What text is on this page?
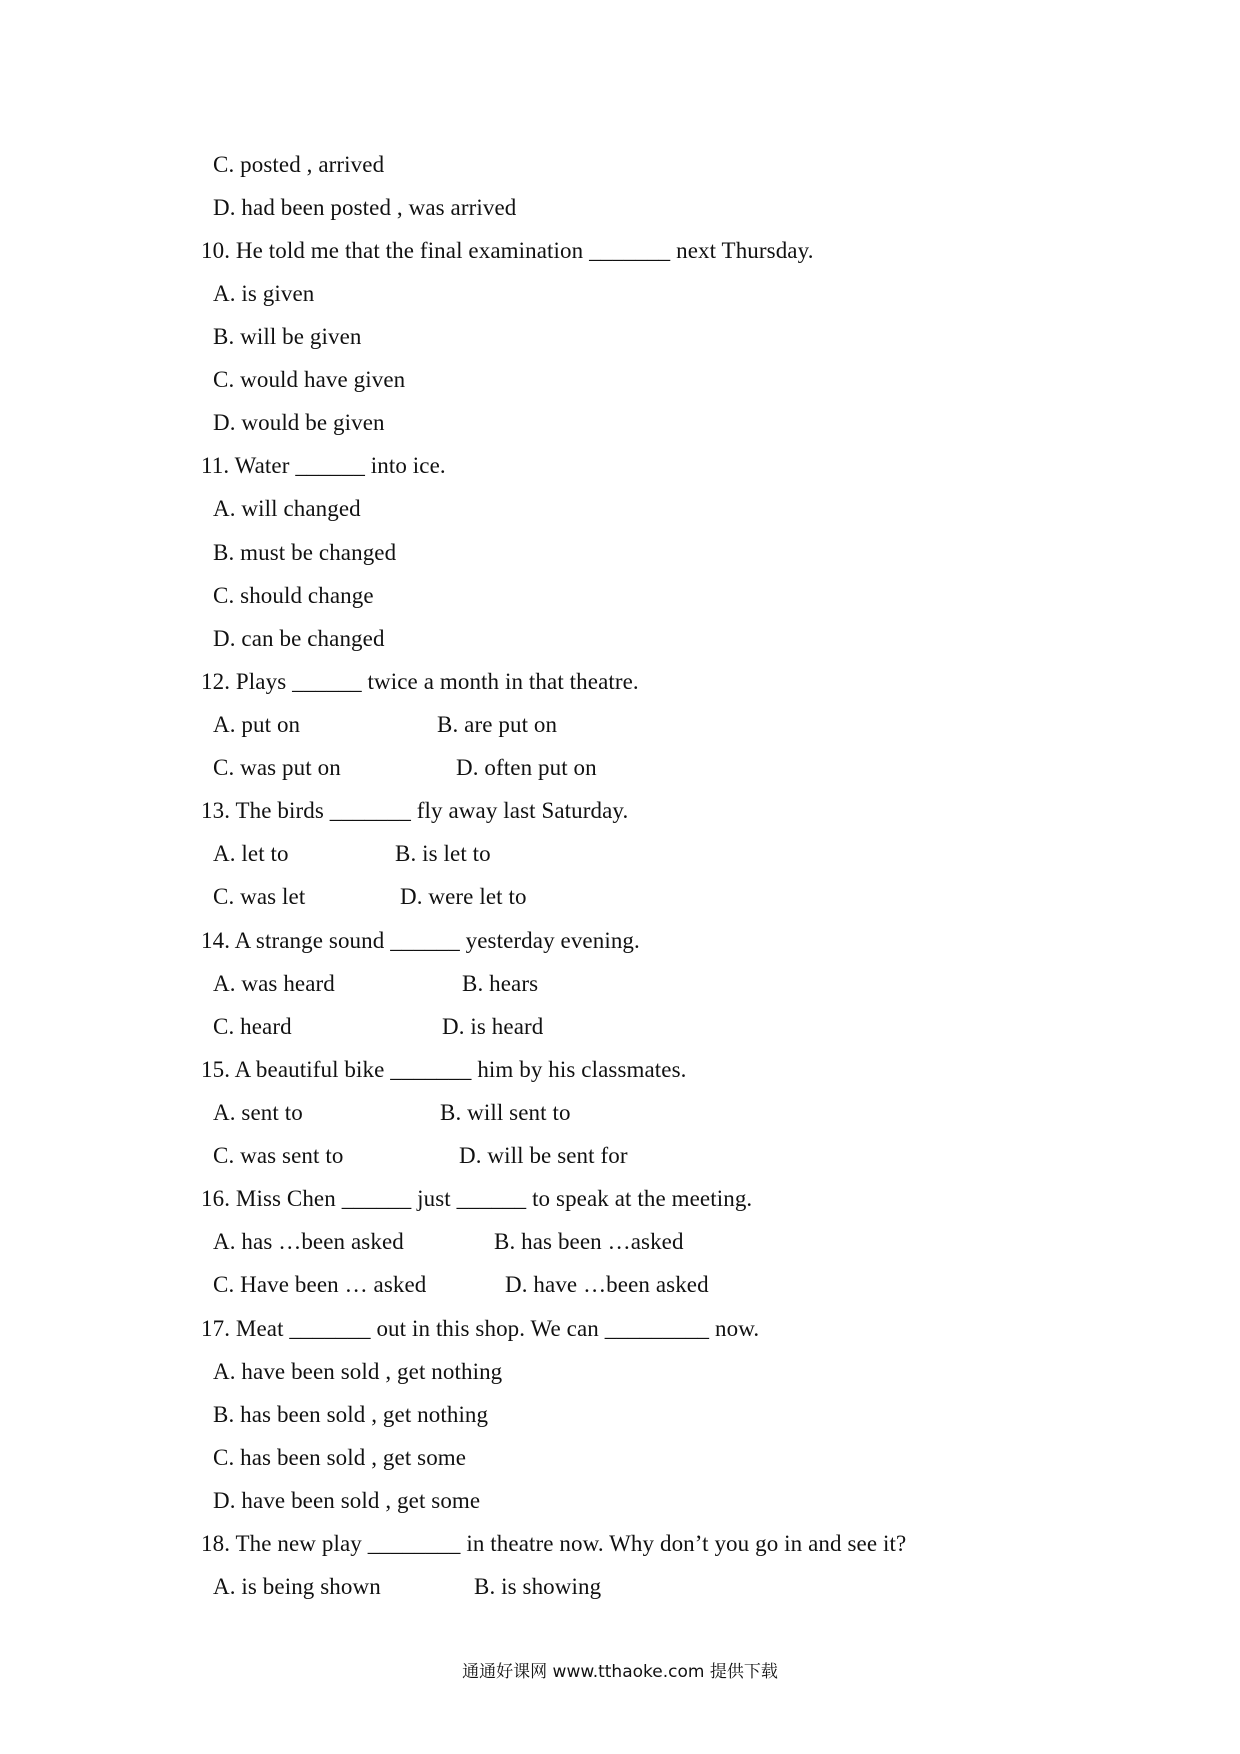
C. posted , arrived
D. had been posted , was arrived
10. He told me that the final examination _______ next Thursday.
A. is given
B. will be given
C. would have given
D. would be given
11. Water ______ into ice.
A. will changed
B. must be changed
C. should change
D. can be changed
12. Plays ______ twice a month in that theatre.
A. put on	B. are put on
C. was put on	D. often put on
13. The birds _______ fly away last Saturday.
A. let to	B. is let to
C. was let	D. were let to
14. A strange sound ______ yesterday evening.
A. was heard	B. hears
C. heard	D. is heard
15. A beautiful bike _______ him by his classmates.
A. sent to	B. will sent to
C. was sent to	D. will be sent for
16. Miss Chen ______ just ______ to speak at the meeting.
A. has …been asked	B. has been …asked
C. Have been … asked	D. have …been asked
17. Meat _______ out in this shop. We can _________ now.
A. have been sold , get nothing
B. has been sold , get nothing
C. has been sold , get some
D. have been sold , get some
18. The new play ________ in theatre now. Why don’t you go in and see it?
A. is being shown	B. is showing
通通好课网 www.tthaoke.com 提供下载
